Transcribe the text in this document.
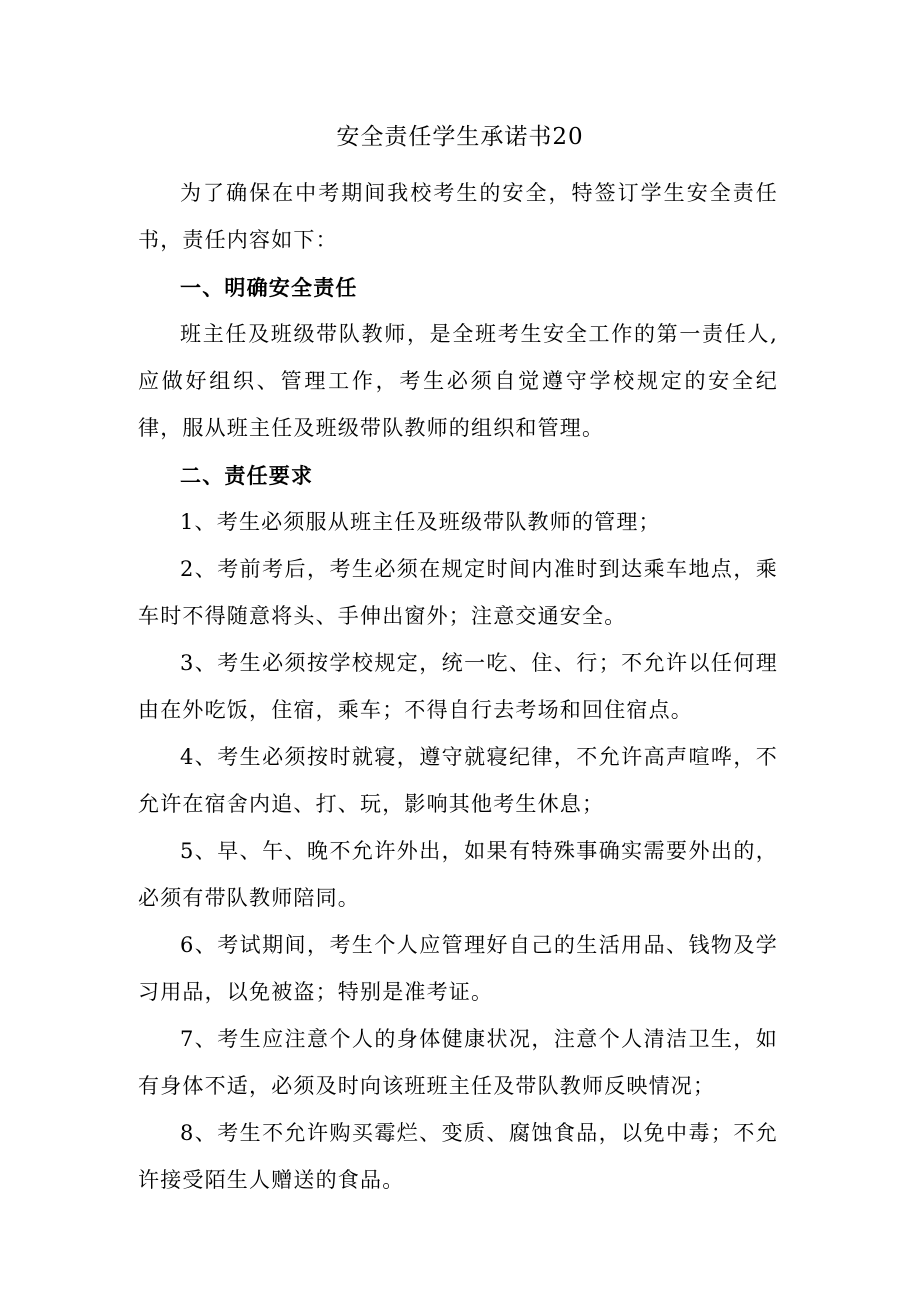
安全责任学生承诺书20

为了确保在中考期间我校考生的安全，特签订学生安全责任书，责任内容如下：

一、明确安全责任

班主任及班级带队教师，是全班考生安全工作的第一责任人,应做好组织、管理工作，考生必须自觉遵守学校规定的安全纪律，服从班主任及班级带队教师的组织和管理。

二、责任要求

1、考生必须服从班主任及班级带队教师的管理；

2、考前考后，考生必须在规定时间内准时到达乘车地点，乘车时不得随意将头、手伸出窗外；注意交通安全。

3、考生必须按学校规定，统一吃、住、行；不允许以任何理由在外吃饭，住宿，乘车；不得自行去考场和回住宿点。

4、考生必须按时就寝，遵守就寝纪律，不允许高声喧哗，不允许在宿舍内追、打、玩，影响其他考生休息；

5、早、午、晚不允许外出，如果有特殊事确实需要外出的，必须有带队教师陪同。

6、考试期间，考生个人应管理好自己的生活用品、钱物及学习用品，以免被盗；特别是准考证。

7、考生应注意个人的身体健康状况，注意个人清洁卫生，如有身体不适，必须及时向该班班主任及带队教师反映情况；

8、考生不允许购买霉烂、变质、腐蚀食品，以免中毒；不允许接受陌生人赠送的食品。
